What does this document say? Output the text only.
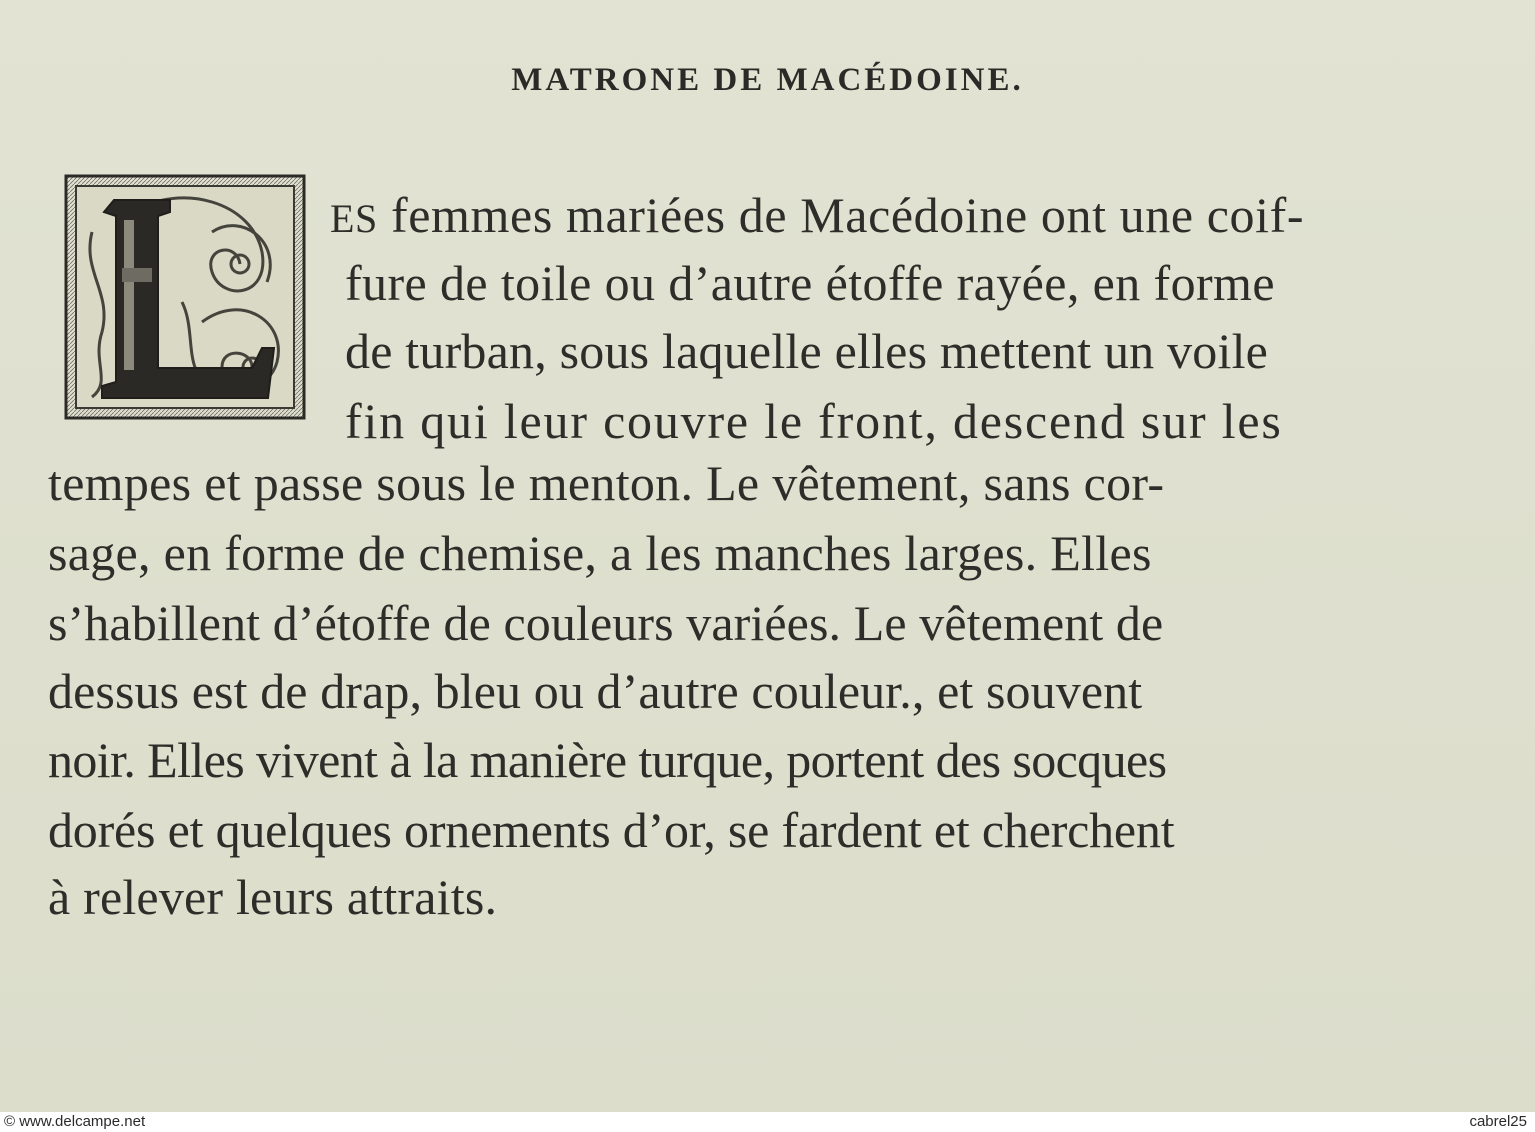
MATRONE DE MACÉDOINE.
ES femmes mariées de Macédoine ont une coif-
fure de toile ou d’autre étoffe rayée, en forme
de turban, sous laquelle elles mettent un voile
fin qui leur couvre le front, descend sur les
tempes et passe sous le menton. Le vêtement, sans cor-
sage, en forme de chemise, a les manches larges. Elles
s’habillent d’étoffe de couleurs variées. Le vêtement de
dessus est de drap, bleu ou d’autre couleur., et souvent
noir. Elles vivent à la manière turque, portent des socques
dorés et quelques ornements d’or, se fardent et cherchent
à relever leurs attraits.
© www.delcampe.net	cabrel25
